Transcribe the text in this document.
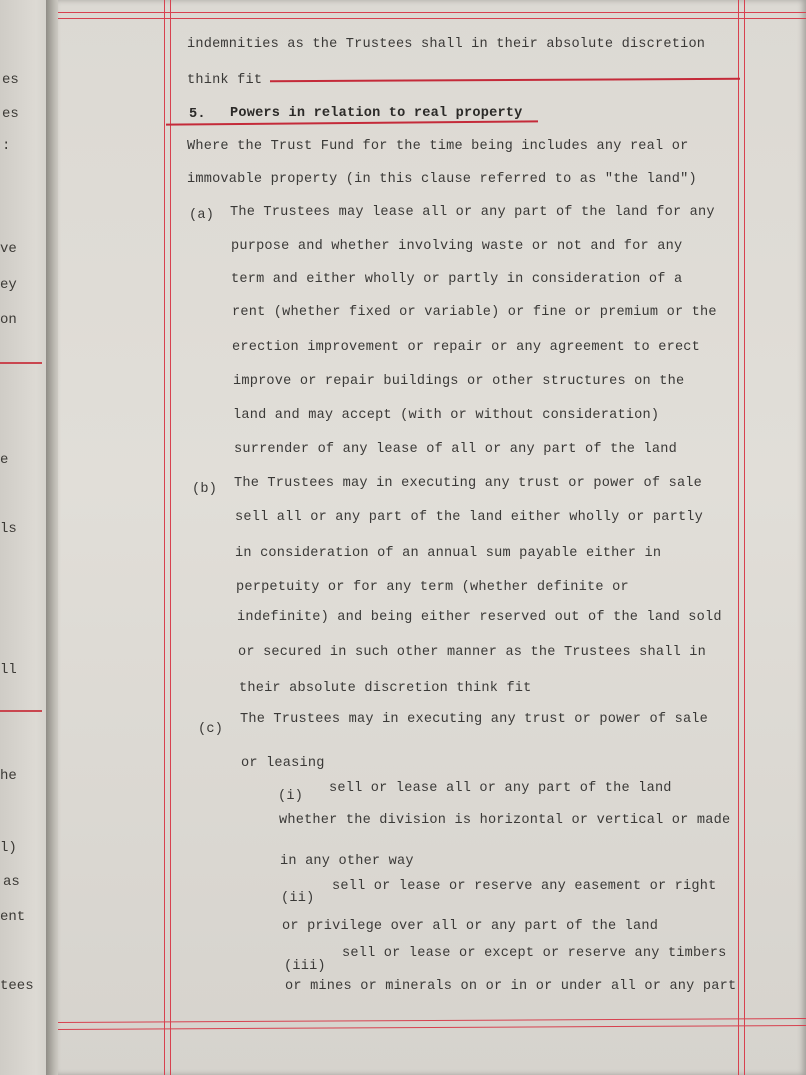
es
es
:
ve
ey
on
e
ls
ll
he
l)
as
ent
tees
indemnities as the Trustees shall in their absolute discretion
think fit
5. Powers in relation to real property
Where the Trust Fund for the time being includes any real or
immovable property (in this clause referred to as "the land")
(a) The Trustees may lease all or any part of the land for any
purpose and whether involving waste or not and for any
term and either wholly or partly in consideration of a
rent (whether fixed or variable) or fine or premium or the
erection improvement or repair or any agreement to erect
improve or repair buildings or other structures on the
land and may accept (with or without consideration)
surrender of any lease of all or any part of the land
(b) The Trustees may in executing any trust or power of sale
sell all or any part of the land either wholly or partly
in consideration of an annual sum payable either in
perpetuity or for any term (whether definite or
indefinite) and being either reserved out of the land sold
or secured in such other manner as the Trustees shall in
their absolute discretion think fit
(c)
The Trustees may in executing any trust or power of sale
or leasing
(i)
sell or lease all or any part of the land
whether the division is horizontal or vertical or made
in any other way
(ii)
sell or lease or reserve any easement or right
or privilege over all or any part of the land
(iii)
sell or lease or except or reserve any timbers
or mines or minerals on or in or under all or any part
